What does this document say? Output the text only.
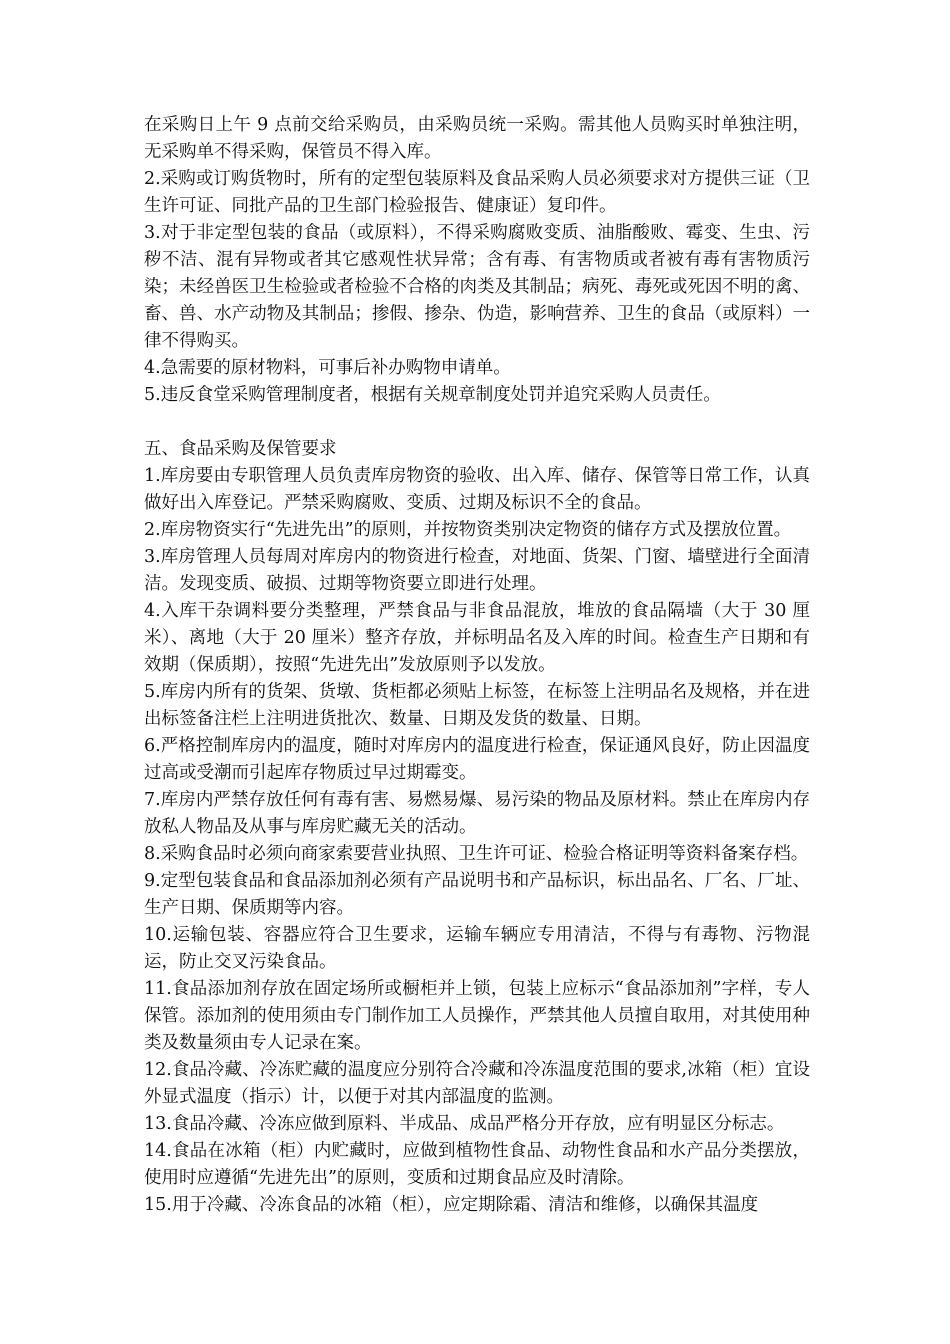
在采购日上午 9 点前交给采购员，由采购员统一采购。需其他人员购买时单独注明，无采购单不得采购，保管员不得入库。

2.采购或订购货物时，所有的定型包装原料及食品采购人员必须要求对方提供三证（卫生许可证、同批产品的卫生部门检验报告、健康证）复印件。

3.对于非定型包装的食品（或原料），不得采购腐败变质、油脂酸败、霉变、生虫、污秽不洁、混有异物或者其它感观性状异常；含有毒、有害物质或者被有毒有害物质污染；未经兽医卫生检验或者检验不合格的肉类及其制品；病死、毒死或死因不明的禽、畜、兽、水产动物及其制品；掺假、掺杂、伪造，影响营养、卫生的食品（或原料）一律不得购买。

4.急需要的原材物料，可事后补办购物申请单。

5.违反食堂采购管理制度者，根据有关规章制度处罚并追究采购人员责任。

五、食品采购及保管要求

1.库房要由专职管理人员负责库房物资的验收、出入库、储存、保管等日常工作，认真做好出入库登记。严禁采购腐败、变质、过期及标识不全的食品。

2.库房物资实行“先进先出”的原则，并按物资类别决定物资的储存方式及摆放位置。

3.库房管理人员每周对库房内的物资进行检查，对地面、货架、门窗、墙壁进行全面清洁。发现变质、破损、过期等物资要立即进行处理。

4.入库干杂调料要分类整理，严禁食品与非食品混放，堆放的食品隔墙（大于 30 厘米）、离地（大于 20 厘米）整齐存放，并标明品名及入库的时间。检查生产日期和有效期（保质期），按照“先进先出”发放原则予以发放。

5.库房内所有的货架、货墩、货柜都必须贴上标签，在标签上注明品名及规格，并在进出标签备注栏上注明进货批次、数量、日期及发货的数量、日期。

6.严格控制库房内的温度，随时对库房内的温度进行检查，保证通风良好，防止因温度过高或受潮而引起库存物质过早过期霉变。

7.库房内严禁存放任何有毒有害、易燃易爆、易污染的物品及原材料。禁止在库房内存放私人物品及从事与库房贮藏无关的活动。

8.采购食品时必须向商家索要营业执照、卫生许可证、检验合格证明等资料备案存档。

9.定型包装食品和食品添加剂必须有产品说明书和产品标识，标出品名、厂名、厂址、生产日期、保质期等内容。

10.运输包装、容器应符合卫生要求，运输车辆应专用清洁，不得与有毒物、污物混运，防止交叉污染食品。

11.食品添加剂存放在固定场所或橱柜并上锁，包装上应标示“食品添加剂”字样，专人保管。添加剂的使用须由专门制作加工人员操作，严禁其他人员擅自取用，对其使用种类及数量须由专人记录在案。

12.食品冷藏、冷冻贮藏的温度应分别符合冷藏和冷冻温度范围的要求,冰箱（柜）宜设外显式温度（指示）计，以便于对其内部温度的监测。

13.食品冷藏、冷冻应做到原料、半成品、成品严格分开存放，应有明显区分标志。

14.食品在冰箱（柜）内贮藏时，应做到植物性食品、动物性食品和水产品分类摆放，使用时应遵循“先进先出”的原则，变质和过期食品应及时清除。

15.用于冷藏、冷冻食品的冰箱（柜），应定期除霜、清洁和维修，以确保其温度
